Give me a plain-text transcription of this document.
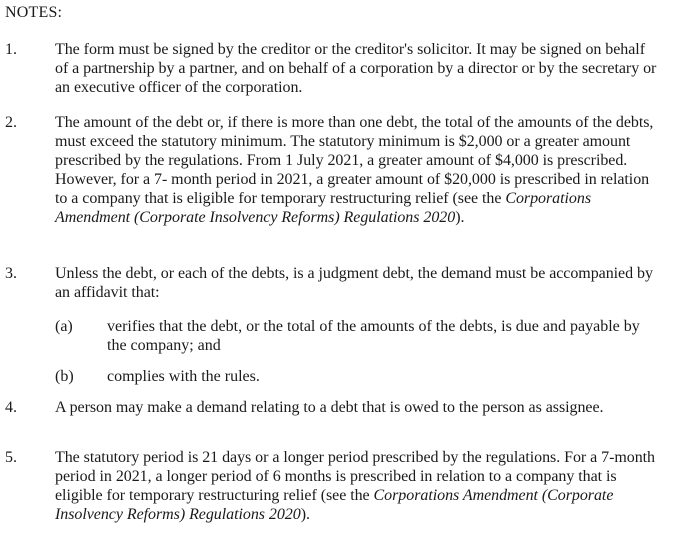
NOTES:
1. The form must be signed by the creditor or the creditor's solicitor. It may be signed on behalf of a partnership by a partner, and on behalf of a corporation by a director or by the secretary or an executive officer of the corporation.
2. The amount of the debt or, if there is more than one debt, the total of the amounts of the debts, must exceed the statutory minimum. The statutory minimum is $2,000 or a greater amount prescribed by the regulations. From 1 July 2021, a greater amount of $4,000 is prescribed. However, for a 7- month period in 2021, a greater amount of $20,000 is prescribed in relation to a company that is eligible for temporary restructuring relief (see the Corporations Amendment (Corporate Insolvency Reforms) Regulations 2020).
3. Unless the debt, or each of the debts, is a judgment debt, the demand must be accompanied by an affidavit that:
(a) verifies that the debt, or the total of the amounts of the debts, is due and payable by the company; and
(b) complies with the rules.
4. A person may make a demand relating to a debt that is owed to the person as assignee.
5. The statutory period is 21 days or a longer period prescribed by the regulations. For a 7-month period in 2021, a longer period of 6 months is prescribed in relation to a company that is eligible for temporary restructuring relief (see the Corporations Amendment (Corporate Insolvency Reforms) Regulations 2020).
